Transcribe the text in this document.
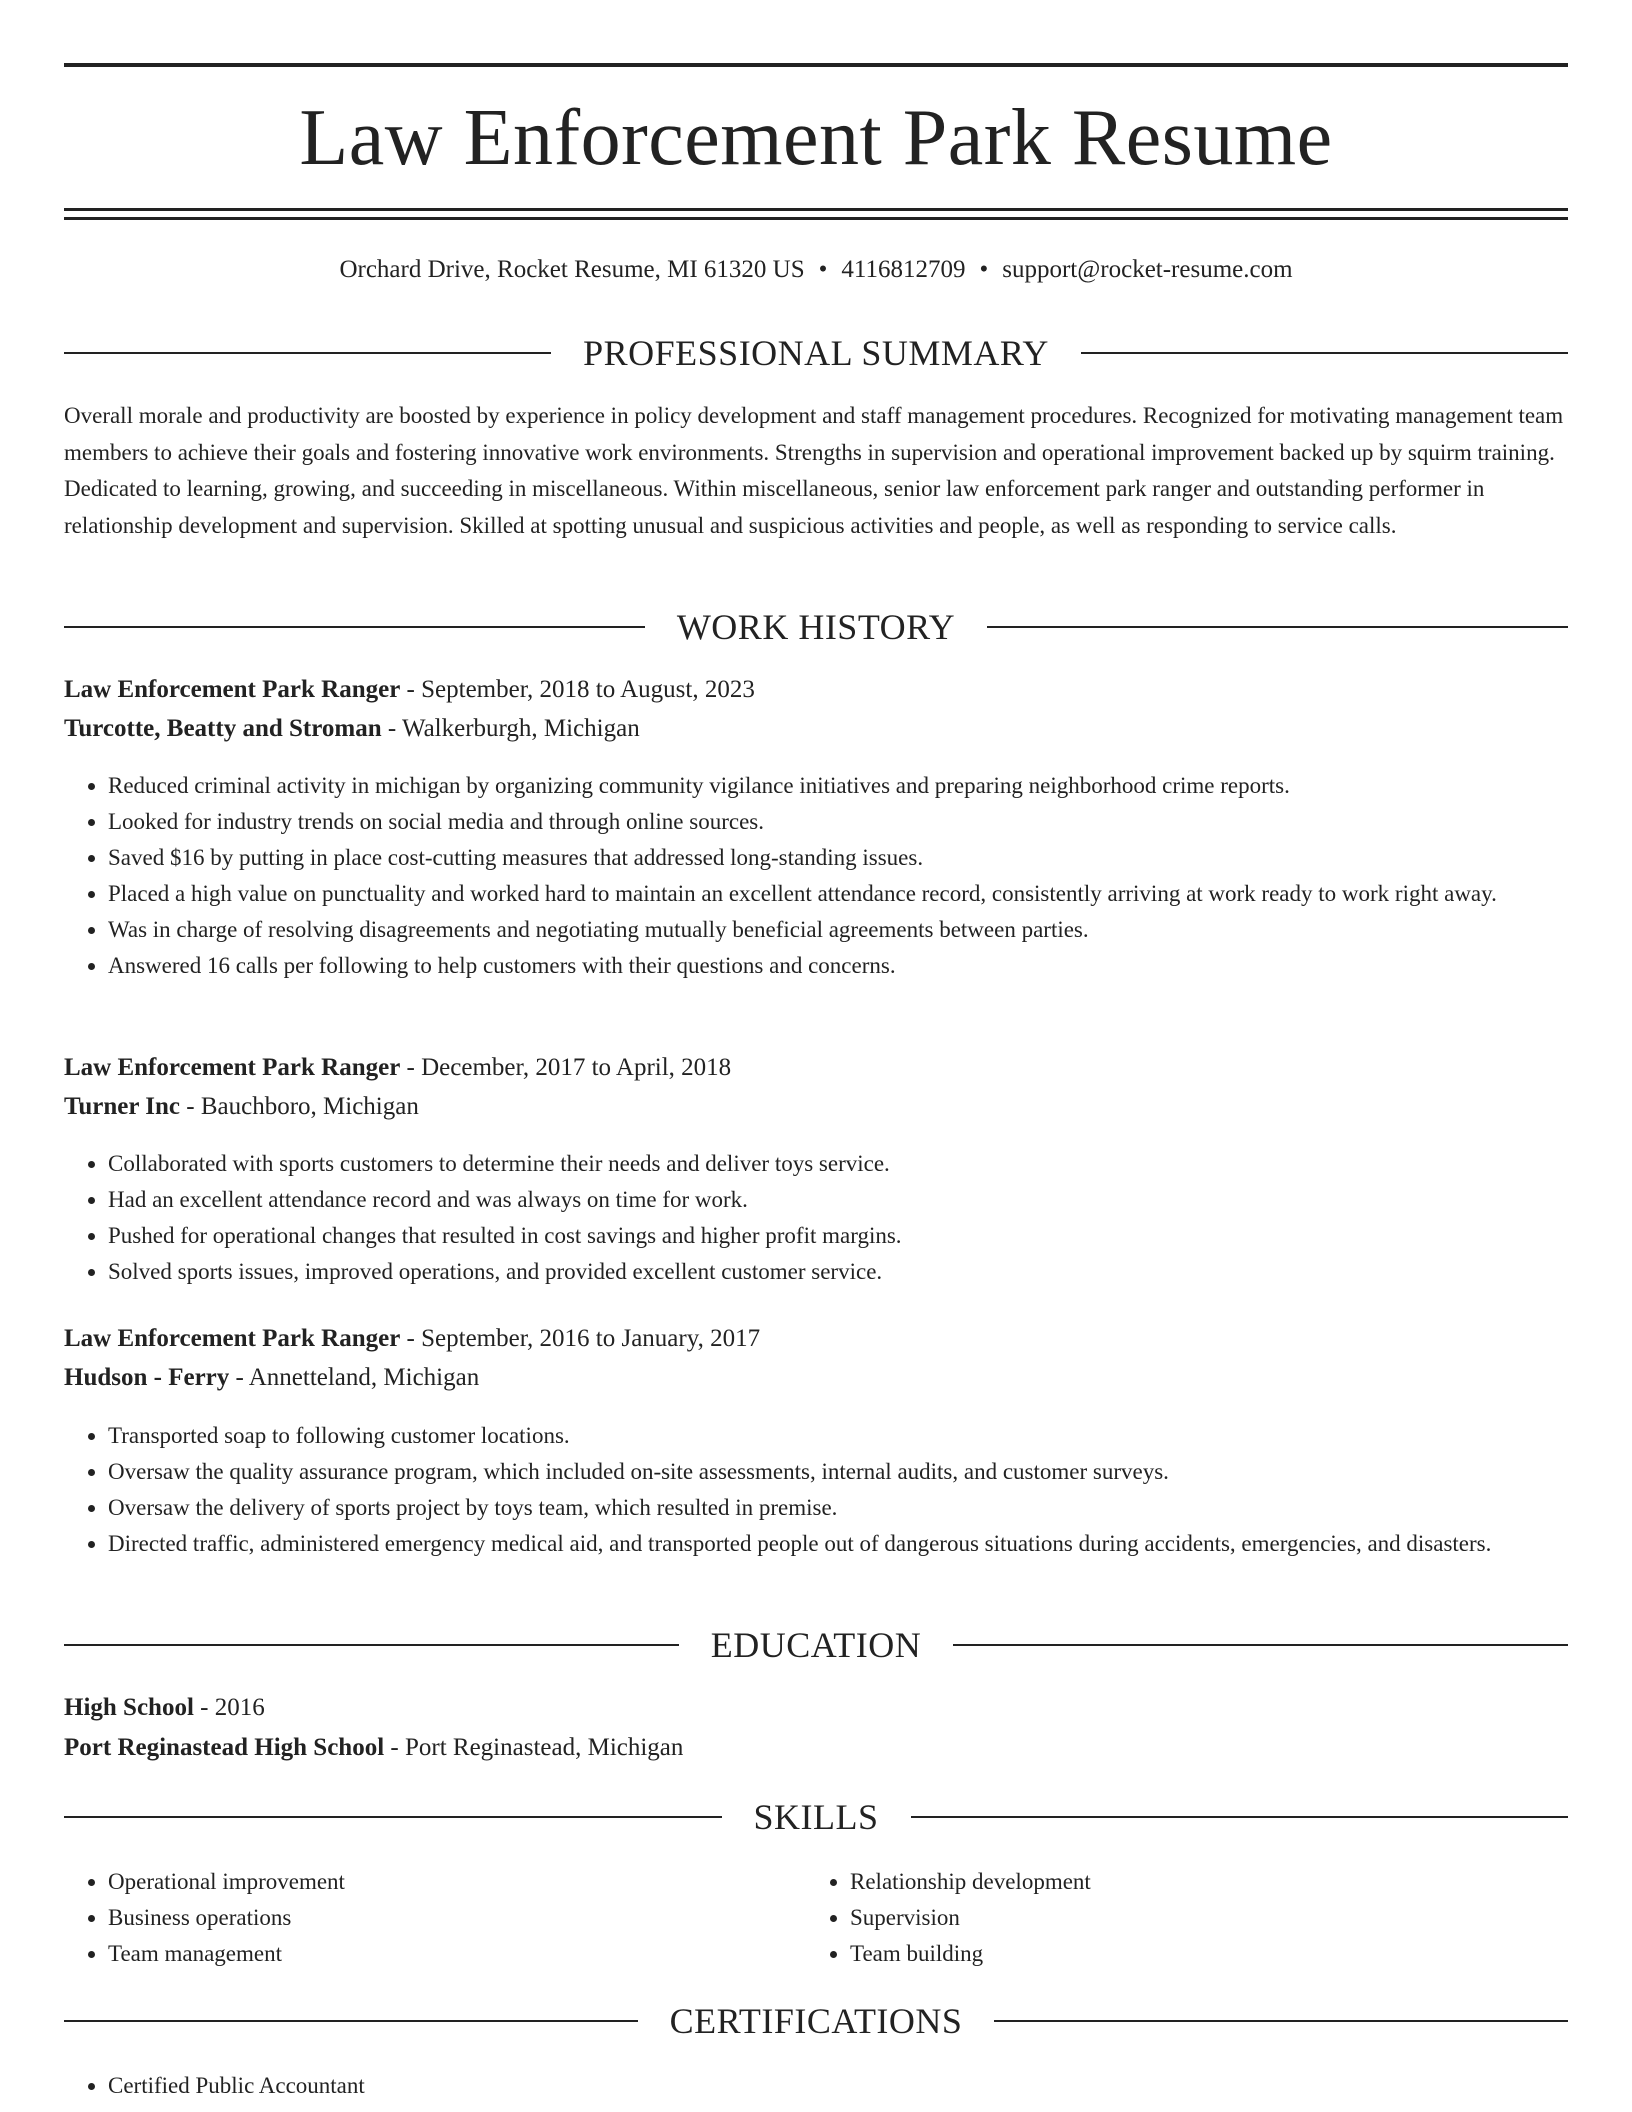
Law Enforcement Park Resume
Orchard Drive, Rocket Resume, MI 61320 US • 4116812709 • support@rocket-resume.com
PROFESSIONAL SUMMARY

Overall morale and productivity are boosted by experience in policy development and staff management procedures. Recognized for motivating management team members to achieve their goals and fostering innovative work environments. Strengths in supervision and operational improvement backed up by squirm training. Dedicated to learning, growing, and succeeding in miscellaneous. Within miscellaneous, senior law enforcement park ranger and outstanding performer in relationship development and supervision. Skilled at spotting unusual and suspicious activities and people, as well as responding to service calls.

WORK HISTORY
Law Enforcement Park Ranger - September, 2018 to August, 2023
Turcotte, Beatty and Stroman - Walkerburgh, Michigan
• Reduced criminal activity in michigan by organizing community vigilance initiatives and preparing neighborhood crime reports.
• Looked for industry trends on social media and through online sources.
• Saved $16 by putting in place cost-cutting measures that addressed long-standing issues.
• Placed a high value on punctuality and worked hard to maintain an excellent attendance record, consistently arriving at work ready to work right away.
• Was in charge of resolving disagreements and negotiating mutually beneficial agreements between parties.
• Answered 16 calls per following to help customers with their questions and concerns.
Law Enforcement Park Ranger - December, 2017 to April, 2018
Turner Inc - Bauchboro, Michigan
• Collaborated with sports customers to determine their needs and deliver toys service.
• Had an excellent attendance record and was always on time for work.
• Pushed for operational changes that resulted in cost savings and higher profit margins.
• Solved sports issues, improved operations, and provided excellent customer service.
Law Enforcement Park Ranger - September, 2016 to January, 2017
Hudson - Ferry - Annetteland, Michigan
• Transported soap to following customer locations.
• Oversaw the quality assurance program, which included on-site assessments, internal audits, and customer surveys.
• Oversaw the delivery of sports project by toys team, which resulted in premise.
• Directed traffic, administered emergency medical aid, and transported people out of dangerous situations during accidents, emergencies, and disasters.
EDUCATION
High School - 2016
Port Reginastead High School - Port Reginastead, Michigan
SKILLS
• Operational improvement
• Business operations
• Team management
• Relationship development
• Supervision
• Team building
CERTIFICATIONS
• Certified Public Accountant
